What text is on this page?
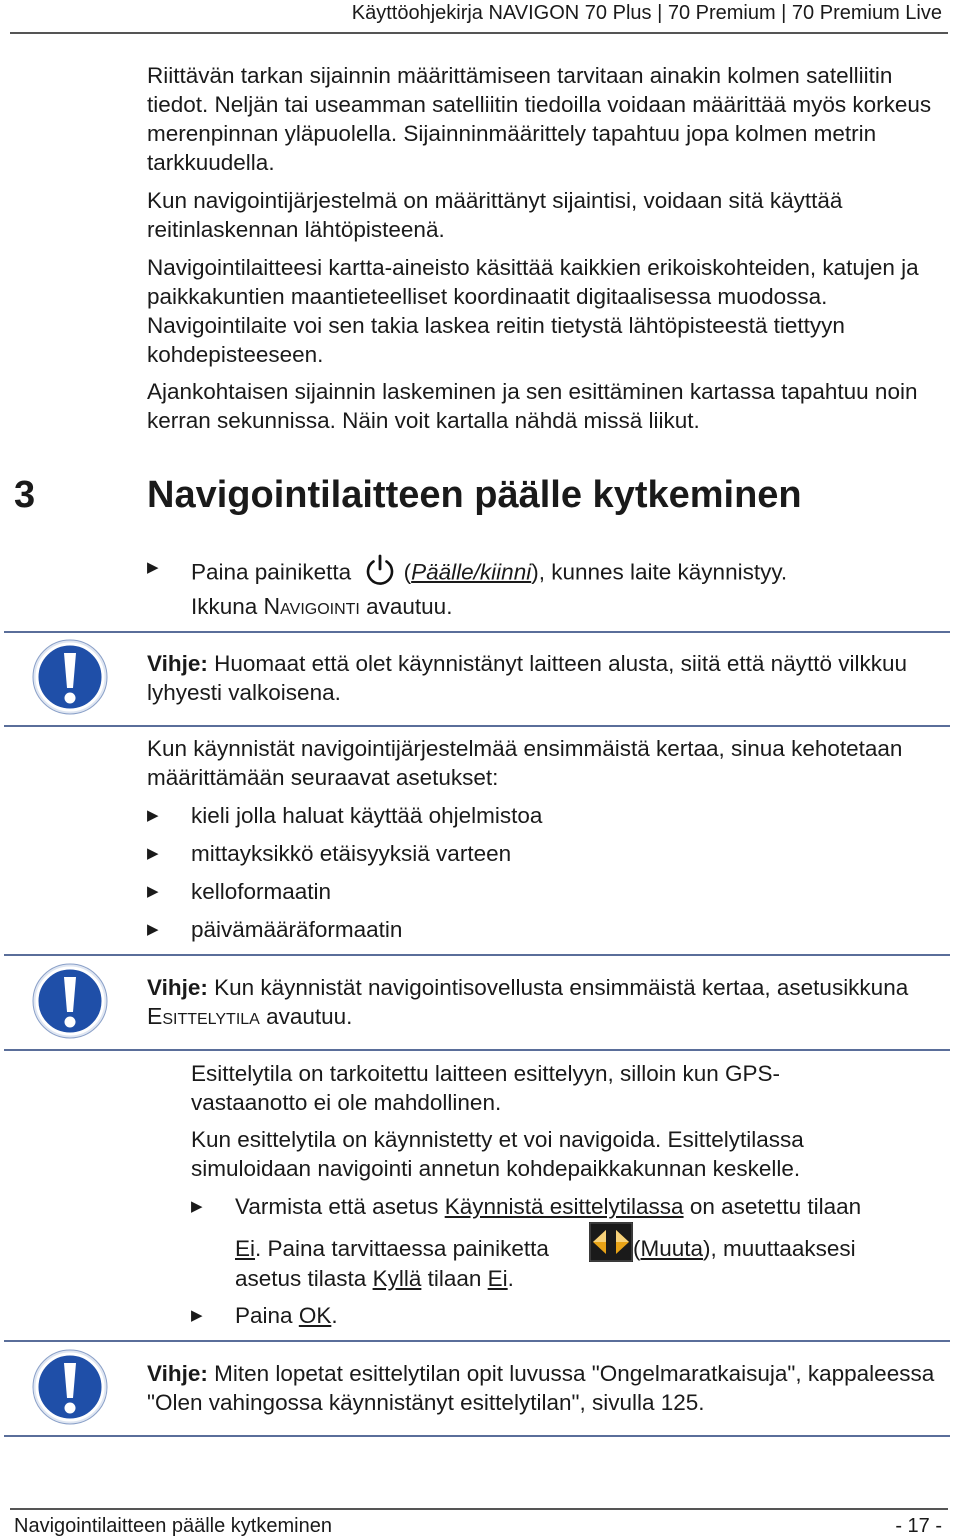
Käyttöohjekirja NAVIGON 70 Plus | 70 Premium | 70 Premium Live

Riittävän tarkan sijainnin määrittämiseen tarvitaan ainakin kolmen satelliitin tiedot. Neljän tai useamman satelliitin tiedoilla voidaan määrittää myös korkeus merenpinnan yläpuolella. Sijainninmäärittely tapahtuu jopa kolmen metrin tarkkuudella.

Kun navigointijärjestelmä on määrittänyt sijaintisi, voidaan sitä käyttää reitinlaskennan lähtöpisteenä.

Navigointilaitteesi kartta-aineisto käsittää kaikkien erikoiskohteiden, katujen ja paikkakuntien maantieteelliset koordinaatit digitaalisessa muodossa. Navigointilaite voi sen takia laskea reitin tietystä lähtöpisteestä tiettyyn kohdepisteeseen.

Ajankohtaisen sijainnin laskeminen ja sen esittäminen kartassa tapahtuu noin kerran sekunnissa. Näin voit kartalla nähdä missä liikut.

3	Navigointilaitteen päälle kytkeminen
▶ Paina painiketta  (Päälle/kiinni), kunnes laite käynnistyy.
Ikkuna Navigointi avautuu.

Vihje: Huomaat että olet käynnistänyt laitteen alusta, siitä että näyttö vilkkuu lyhyesti valkoisena.

Kun käynnistät navigointijärjestelmää ensimmäistä kertaa, sinua kehotetaan määrittämään seuraavat asetukset:

▶ kieli jolla haluat käyttää ohjelmistoa
▶ mittayksikkö etäisyyksiä varteen
▶ kelloformaatin
▶ päivämääräformaatin

Vihje: Kun käynnistät navigointisovellusta ensimmäistä kertaa, asetusikkuna Esittelytila avautuu.

Esittelytila on tarkoitettu laitteen esittelyyn, silloin kun GPS-vastaanotto ei ole mahdollinen.

Kun esittelytila on käynnistetty et voi navigoida. Esittelytilassa simuloidaan navigointi annetun kohdepaikkakunnan keskelle.

▶ Varmista että asetus Käynnistä esittelytilassa on asetettu tilaan
Ei. Paina tarvittaessa painiketta	(Muuta), muuttaaksesi
asetus tilasta Kyllä tilaan Ei.
▶ Paina OK.

Vihje: Miten lopetat esittelytilan opit luvussa "Ongelmaratkaisuja", kappaleessa "Olen vahingossa käynnistänyt esittelytilan", sivulla 125.

Navigointilaitteen päälle kytkeminen	- 17 -
